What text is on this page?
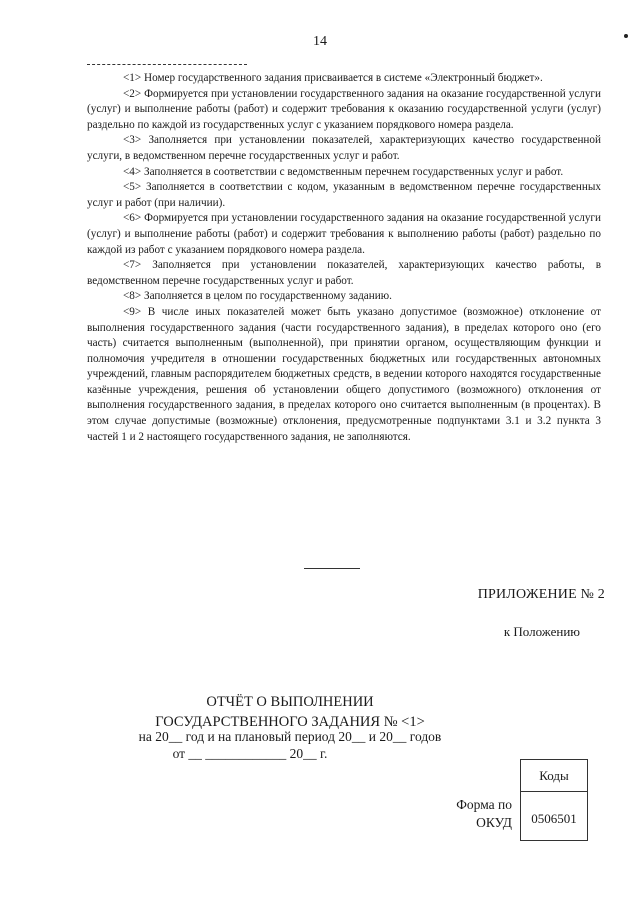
14

<1> Номер государственного задания присваивается в системе «Электронный бюджет».

<2> Формируется при установлении государственного задания на оказание государственной услуги (услуг) и выполнение работы (работ) и содержит требования к оказанию государственной услуги (услуг) раздельно по каждой из государственных услуг с указанием порядкового номера раздела.

<3> Заполняется при установлении показателей, характеризующих качество государственной услуги, в ведомственном перечне государственных услуг и работ.

<4> Заполняется в соответствии с ведомственным перечнем государственных услуг и работ.

<5> Заполняется в соответствии с кодом, указанным в ведомственном перечне государственных услуг и работ (при наличии).

<6> Формируется при установлении государственного задания на оказание государственной услуги (услуг) и выполнение работы (работ) и содержит требования к выполнению работы (работ) раздельно по каждой из работ с указанием порядкового номера раздела.

<7> Заполняется при установлении показателей, характеризующих качество работы, в ведомственном перечне государственных услуг и работ.

<8> Заполняется в целом по государственному заданию.

<9> В числе иных показателей может быть указано допустимое (возможное) отклонение от выполнения государственного задания (части государственного задания), в пределах которого оно (его часть) считается выполненным (выполненной), при принятии органом, осуществляющим функции и полномочия учредителя в отношении государственных бюджетных или государственных автономных учреждений, главным распорядителем бюджетных средств, в ведении которого находятся государственные казённые учреждения, решения об установлении общего допустимого (возможного) отклонения от выполнения государственного задания, в пределах которого оно считается выполненным (в процентах). В этом случае допустимые (возможные) отклонения, предусмотренные подпунктами 3.1 и 3.2 пункта 3 частей 1 и 2 настоящего государственного задания, не заполняются.

ПРИЛОЖЕНИЕ № 2
к Положению
ОТЧЁТ О ВЫПОЛНЕНИИ
ГОСУДАРСТВЕННОГО ЗАДАНИЯ № <1>
на 20__ год и на плановый период 20__ и 20__ годов
от __ ____________ 20__ г.
Форма по
ОКУД
Коды
0506501
